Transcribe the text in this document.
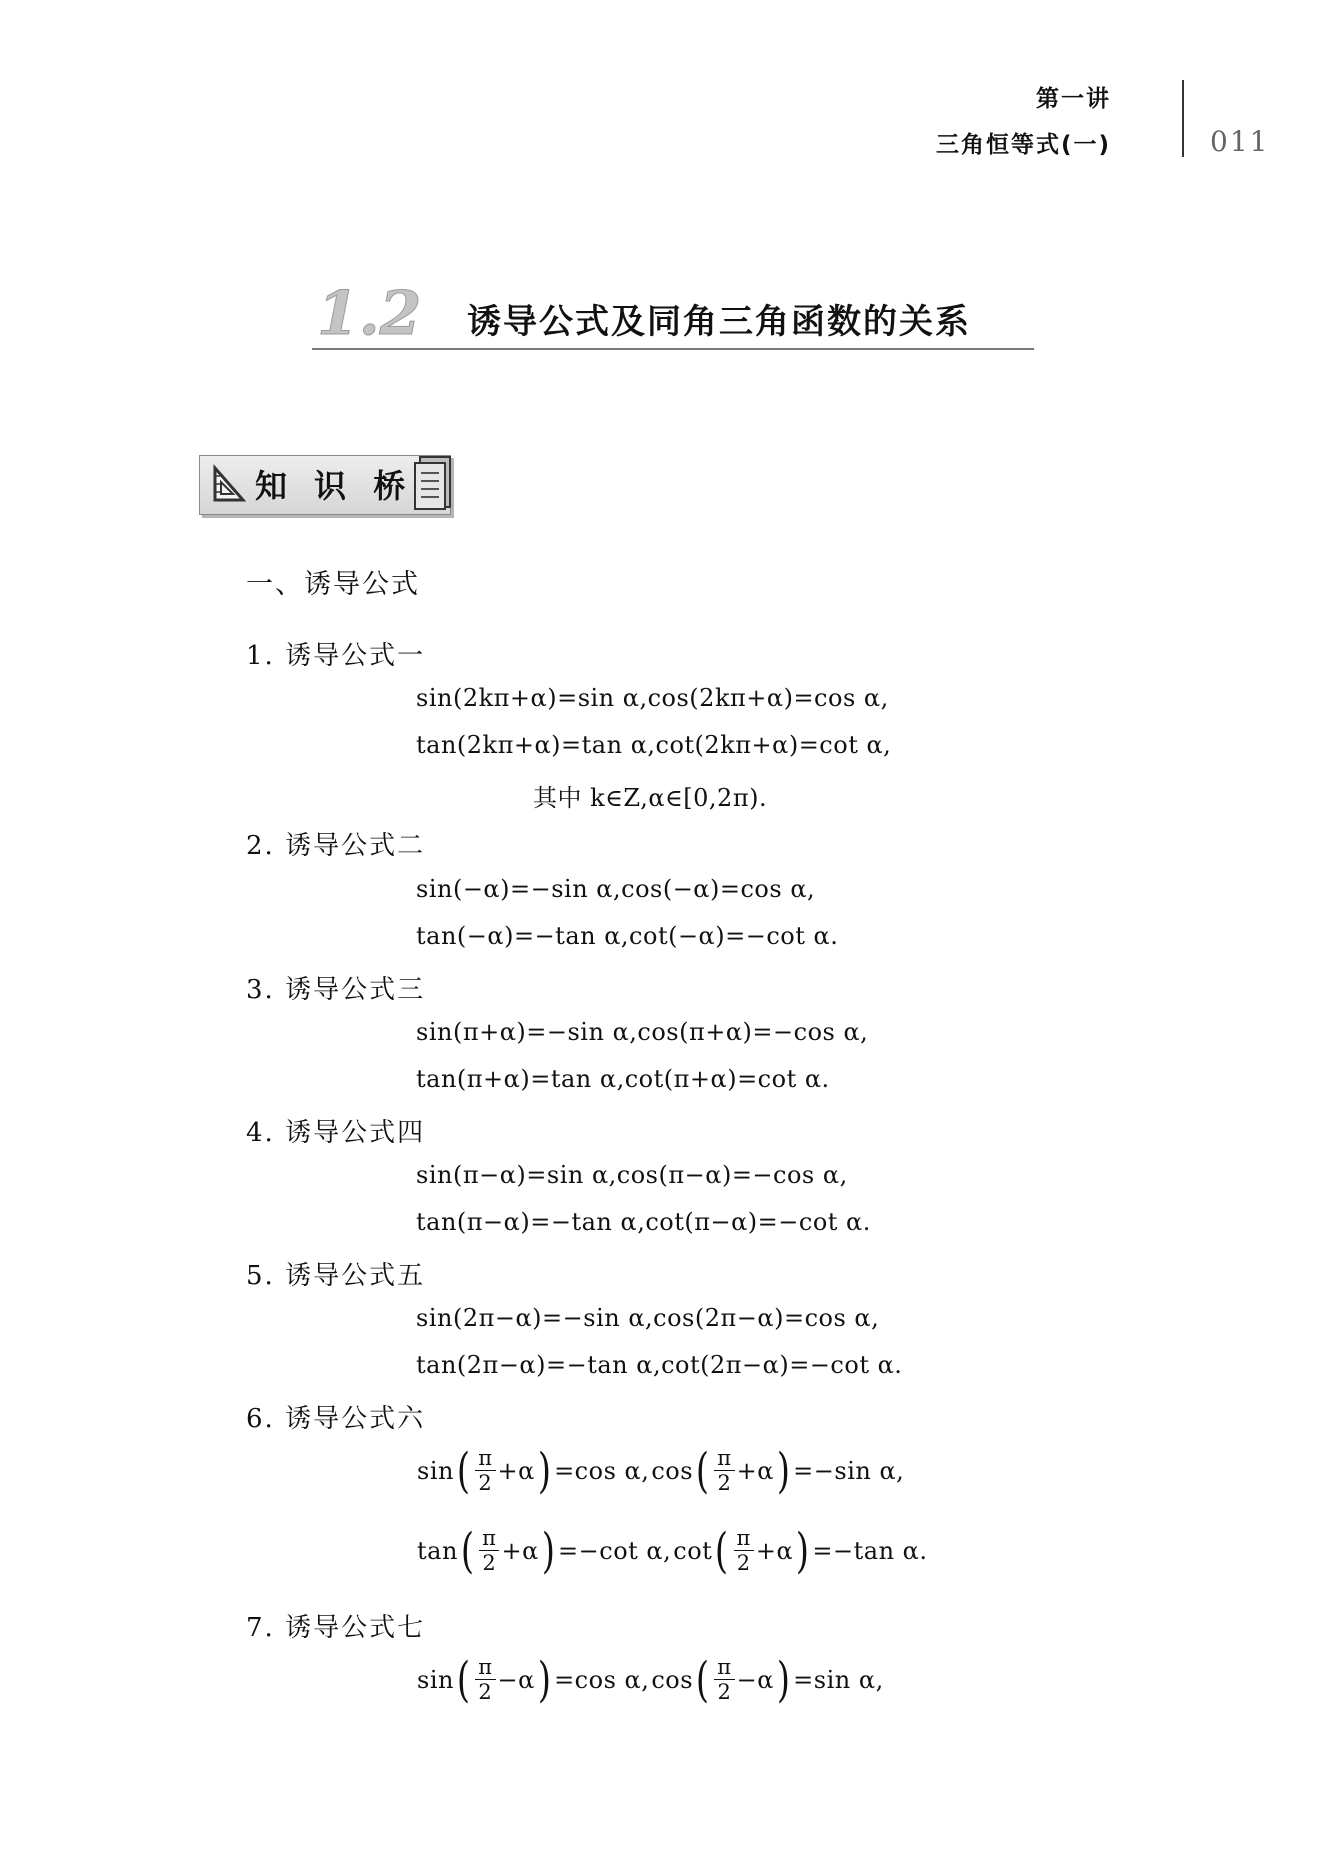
第一讲
三角恒等式(一)	011
1.2 诱导公式及同角三角函数的关系
知 识 桥
一、诱导公式
1. 诱导公式一
sin(2kπ+α)=sin α,cos(2kπ+α)=cos α,
tan(2kπ+α)=tan α,cot(2kπ+α)=cot α,
其中 k∈Z,α∈[0,2π).
2. 诱导公式二
sin(−α)=−sin α,cos(−α)=cos α,
tan(−α)=−tan α,cot(−α)=−cot α.
3. 诱导公式三
sin(π+α)=−sin α,cos(π+α)=−cos α,
tan(π+α)=tan α,cot(π+α)=cot α.
4. 诱导公式四
sin(π−α)=sin α,cos(π−α)=−cos α,
tan(π−α)=−tan α,cot(π−α)=−cot α.
5. 诱导公式五
sin(2π−α)=−sin α,cos(2π−α)=cos α,
tan(2π−α)=−tan α,cot(2π−α)=−cot α.
6. 诱导公式六
sin ( $\frac{\pi}{2} +\alpha$ ) =cos α, cos ( $\frac{\pi}{2} +\alpha$ ) =−sin α,
tan ( $\frac{\pi}{2} +\alpha$ ) =−cot α, cot ( $\frac{\pi}{2} +\alpha$ ) =−tan α.
7. 诱导公式七
sin ( $\frac{\pi}{2} -\alpha$ ) =cos α, cos ( $\frac{\pi}{2} -\alpha$ ) =sin α,
